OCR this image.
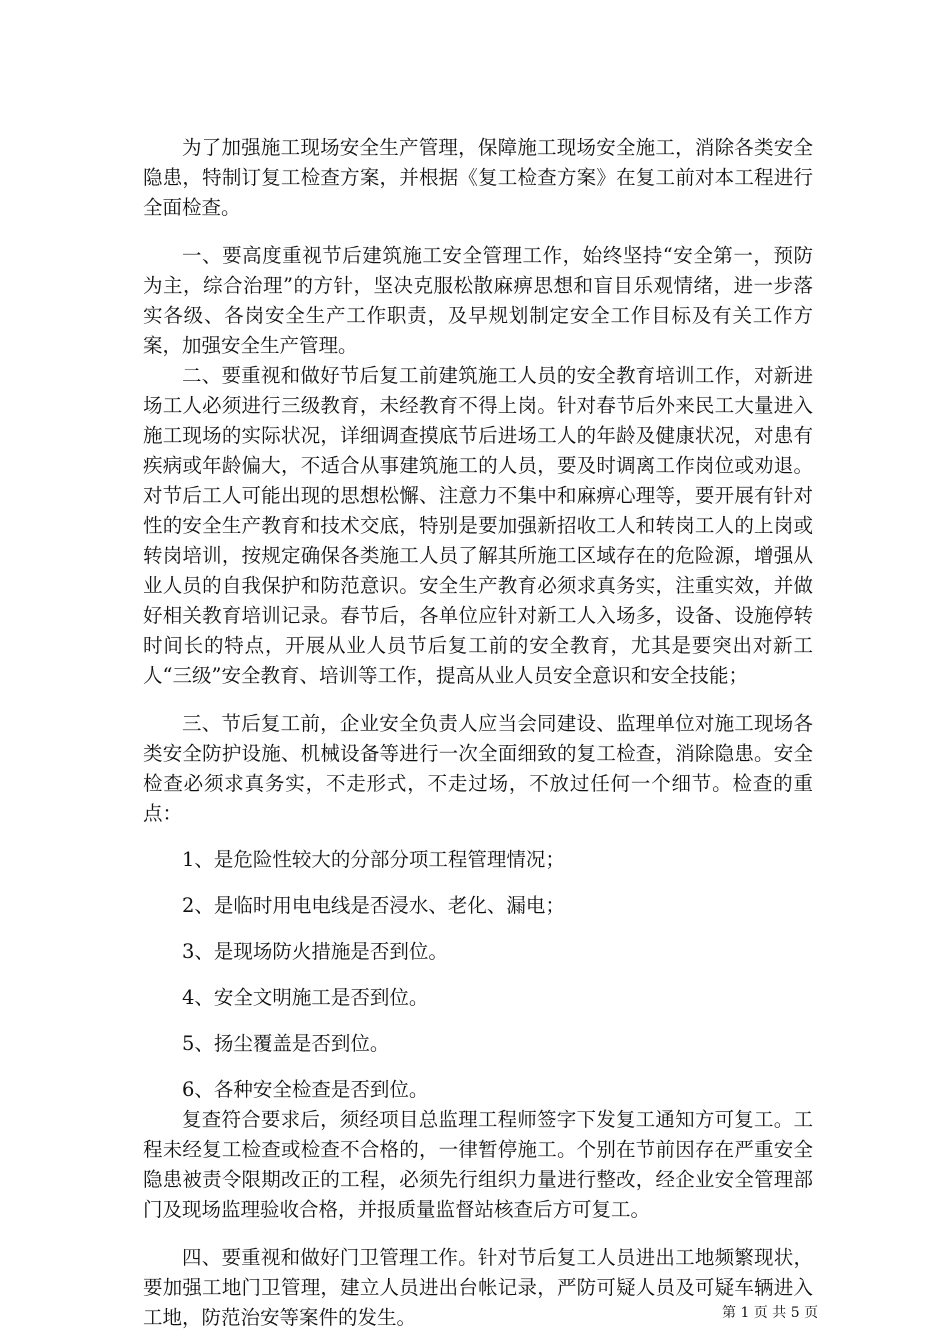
为了加强施工现场安全生产管理，保障施工现场安全施工，消除各类安全隐患，特制订复工检查方案，并根据《复工检查方案》在复工前对本工程进行全面检查。

一、要高度重视节后建筑施工安全管理工作，始终坚持“安全第一，预防为主，综合治理”的方针，坚决克服松散麻痹思想和盲目乐观情绪，进一步落实各级、各岗安全生产工作职责，及早规划制定安全工作目标及有关工作方案，加强安全生产管理。

二、要重视和做好节后复工前建筑施工人员的安全教育培训工作，对新进场工人必须进行三级教育，未经教育不得上岗。针对春节后外来民工大量进入施工现场的实际状况，详细调查摸底节后进场工人的年龄及健康状况，对患有疾病或年龄偏大，不适合从事建筑施工的人员，要及时调离工作岗位或劝退。对节后工人可能出现的思想松懈、注意力不集中和麻痹心理等，要开展有针对性的安全生产教育和技术交底，特别是要加强新招收工人和转岗工人的上岗或转岗培训，按规定确保各类施工人员了解其所施工区域存在的危险源，增强从业人员的自我保护和防范意识。安全生产教育必须求真务实，注重实效，并做好相关教育培训记录。春节后，各单位应针对新工人入场多，设备、设施停转时间长的特点，开展从业人员节后复工前的安全教育，尤其是要突出对新工人“三级”安全教育、培训等工作，提高从业人员安全意识和安全技能；

三、节后复工前，企业安全负责人应当会同建设、监理单位对施工现场各类安全防护设施、机械设备等进行一次全面细致的复工检查，消除隐患。安全检查必须求真务实，不走形式，不走过场，不放过任何一个细节。检查的重点：

1、是危险性较大的分部分项工程管理情况；

2、是临时用电电线是否浸水、老化、漏电；

3、是现场防火措施是否到位。

4、安全文明施工是否到位。

5、扬尘覆盖是否到位。

6、各种安全检查是否到位。

复查符合要求后，须经项目总监理工程师签字下发复工通知方可复工。工程未经复工检查或检查不合格的，一律暂停施工。个别在节前因存在严重安全隐患被责令限期改正的工程，必须先行组织力量进行整改，经企业安全管理部门及现场监理验收合格，并报质量监督站核查后方可复工。

四、要重视和做好门卫管理工作。针对节后复工人员进出工地频繁现状，要加强工地门卫管理，建立人员进出台帐记录，严防可疑人员及可疑车辆进入工地，防范治安等案件的发生。	第 1 页 共 5 页
